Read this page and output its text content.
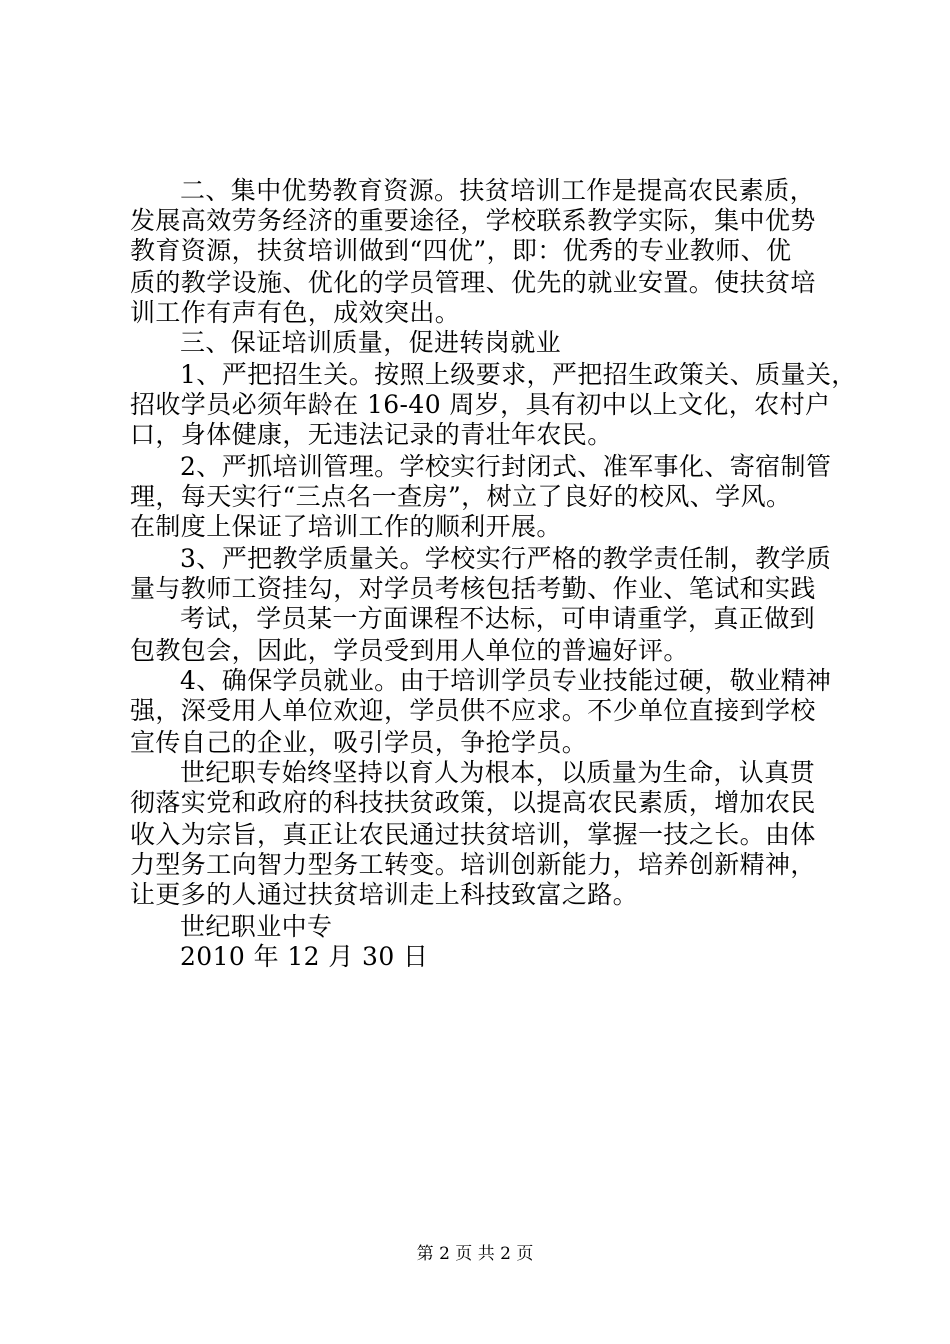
二、集中优势教育资源。扶贫培训工作是提高农民素质，
发展高效劳务经济的重要途径，学校联系教学实际，集中优势
教育资源，扶贫培训做到“四优”，即：优秀的专业教师、优
质的教学设施、优化的学员管理、优先的就业安置。使扶贫培
训工作有声有色，成效突出。
三、保证培训质量，促进转岗就业
1、严把招生关。按照上级要求，严把招生政策关、质量关，
招收学员必须年龄在 16-40 周岁，具有初中以上文化，农村户
口，身体健康，无违法记录的青壮年农民。
2、严抓培训管理。学校实行封闭式、准军事化、寄宿制管
理，每天实行“三点名一查房”，树立了良好的校风、学风。
在制度上保证了培训工作的顺利开展。
3、严把教学质量关。学校实行严格的教学责任制，教学质
量与教师工资挂勾，对学员考核包括考勤、作业、笔试和实践
考试，学员某一方面课程不达标，可申请重学，真正做到
包教包会，因此，学员受到用人单位的普遍好评。
4、确保学员就业。由于培训学员专业技能过硬，敬业精神
强，深受用人单位欢迎，学员供不应求。不少单位直接到学校
宣传自己的企业，吸引学员，争抢学员。
世纪职专始终坚持以育人为根本，以质量为生命，认真贯
彻落实党和政府的科技扶贫政策，以提高农民素质，增加农民
收入为宗旨，真正让农民通过扶贫培训，掌握一技之长。由体
力型务工向智力型务工转变。培训创新能力，培养创新精神，
让更多的人通过扶贫培训走上科技致富之路。
世纪职业中专
2010 年 12 月 30 日
第 2 页 共 2 页
